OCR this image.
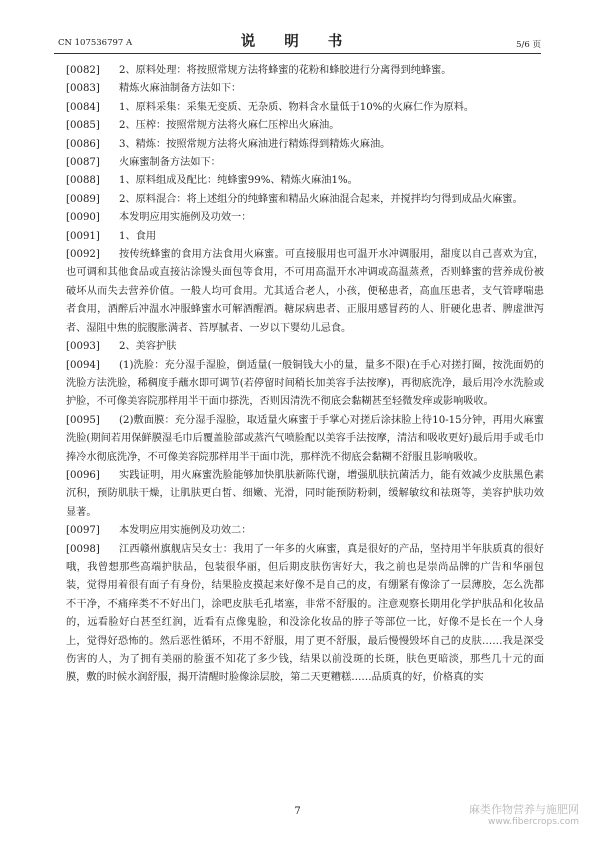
CN 107536797 A	说 明 书	5/6 页
[0082]	2、原料处理：将按照常规方法将蜂蜜的花粉和蜂胶进行分离得到纯蜂蜜。
[0083]	精炼火麻油制备方法如下：
[0084]	1、原料采集：采集无变质、无杂质、物料含水量低于10%的火麻仁作为原料。
[0085]	2、压榨：按照常规方法将火麻仁压榨出火麻油。
[0086]	3、精炼：按照常规方法将火麻油进行精炼得到精炼火麻油。
[0087]	火麻蜜制备方法如下：
[0088]	1、原料组成及配比：纯蜂蜜99%、精炼火麻油1%。
[0089]	2、原料混合：将上述组分的纯蜂蜜和精品火麻油混合起来，并搅拌均匀得到成品火麻蜜。
[0090]	本发明应用实施例及功效一：
[0091]	1、食用
[0092]	按传统蜂蜜的食用方法食用火麻蜜。可直接服用也可温开水冲调服用，甜度以自己喜欢为宜，也可调和其他食品或直接沾涂馒头面包等食用，不可用高温开水冲调或高温蒸煮，否则蜂蜜的营养成份被破坏从而失去营养价值。一般人均可食用。尤其适合老人，小孩，便秘患者，高血压患者，支气管哮喘患者食用，酒醉后冲温水冲服蜂蜜水可解酒醒酒。糖尿病患者、正服用感冒药的人、肝硬化患者、脾虚泄泻者、湿阻中焦的脘腹胀满者、苔厚腻者、一岁以下婴幼儿忌食。
[0093]	2、美容护肤
[0094]	(1)洗脸：充分湿手湿脸，倒适量(一般铜钱大小的量，量多不限)在手心对搓打圈，按洗面奶的洗脸方法洗脸，稀稠度手蘸水即可调节(若停留时间稍长加美容手法按摩)，再彻底洗净，最后用冷水洗脸或护脸，不可像美容院那样用半干面巾搽洗，否则因清洗不彻底会黏糊甚至轻微发痒或影响吸收。
[0095]	(2)敷面膜：充分湿手湿脸，取适量火麻蜜于手掌心对搓后涂抹脸上待10-15分钟，再用火麻蜜洗脸(期间若用保鲜膜湿毛巾后覆盖脸部或蒸汽气喷脸配以美容手法按摩，清洁和吸收更好)最后用手或毛巾捧冷水彻底洗净，不可像美容院那样用半干面巾洗，那样洗不彻底会黏糊不舒服且影响吸收。
[0096]	实践证明，用火麻蜜洗脸能够加快肌肤新陈代谢，增强肌肤抗菌活力，能有效减少皮肤黑色素沉积，预防肌肤干燥，让肌肤更白皙、细嫩、光滑，同时能预防粉刺，缓解敏纹和祛斑等，美容护肤功效显著。
[0097]	本发明应用实施例及功效二：
[0098]	江西赣州旗舰店吴女士：我用了一年多的火麻蜜，真是很好的产品，坚持用半年肤质真的很好哦，我曾想那些高端护肤品，包装很华丽，但后期皮肤伤害好大，我之前也是崇尚品牌的广告和华丽包装，觉得用着很有面子有身份，结果脸皮摸起来好像不是自己的皮，有绷紧有像涂了一层薄胶，怎么洗都不干净，不痛痒类不不好出门，涂吧皮肤毛孔堵塞，非常不舒服的。注意观察长期用化学护肤品和化妆品的，远看脸好白甚至红润，近看有点像鬼脸，和没涂化妆品的脖子等部位一比，好像不是长在一个人身上，觉得好恐怖的。然后恶性循环，不用不舒服，用了更不舒服，最后慢慢毁坏自己的皮肤……我是深受伤害的人，为了拥有美丽的脸蛋不知花了多少钱，结果以前没斑的长斑，肤色更暗淡，那些几十元的面膜，敷的时候水润舒服，揭开清醒时脸像涂层胶，第二天更糟糕……品质真的好，价格真的实
7	麻类作物营养与施肥网
www.fibercrops.com
